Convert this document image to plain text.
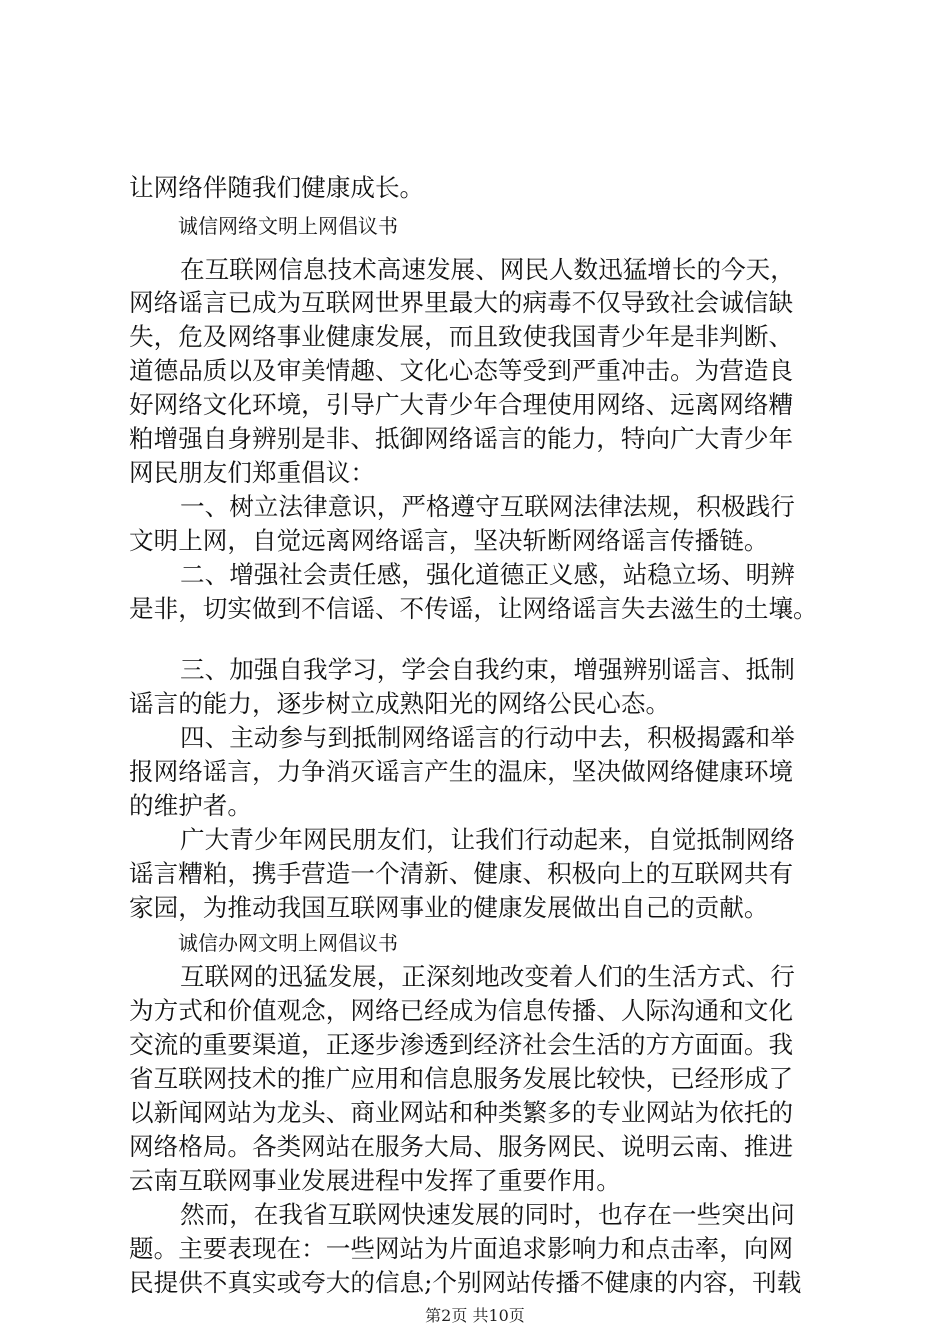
让网络伴随我们健康成长。
诚信网络文明上网倡议书
在互联网信息技术高速发展、网民人数迅猛增长的今天，
网络谣言已成为互联网世界里最大的病毒不仅导致社会诚信缺
失，危及网络事业健康发展，而且致使我国青少年是非判断、
道德品质以及审美情趣、文化心态等受到严重冲击。为营造良
好网络文化环境，引导广大青少年合理使用网络、远离网络糟
粕增强自身辨别是非、抵御网络谣言的能力，特向广大青少年
网民朋友们郑重倡议：
一、树立法律意识，严格遵守互联网法律法规，积极践行
文明上网，自觉远离网络谣言，坚决斩断网络谣言传播链。
二、增强社会责任感，强化道德正义感，站稳立场、明辨
是非，切实做到不信谣、不传谣，让网络谣言失去滋生的土壤。
三、加强自我学习，学会自我约束，增强辨别谣言、抵制
谣言的能力，逐步树立成熟阳光的网络公民心态。
四、主动参与到抵制网络谣言的行动中去，积极揭露和举
报网络谣言，力争消灭谣言产生的温床，坚决做网络健康环境
的维护者。
广大青少年网民朋友们，让我们行动起来，自觉抵制网络
谣言糟粕，携手营造一个清新、健康、积极向上的互联网共有
家园，为推动我国互联网事业的健康发展做出自己的贡献。
诚信办网文明上网倡议书
互联网的迅猛发展，正深刻地改变着人们的生活方式、行
为方式和价值观念，网络已经成为信息传播、人际沟通和文化
交流的重要渠道，正逐步渗透到经济社会生活的方方面面。我
省互联网技术的推广应用和信息服务发展比较快，已经形成了
以新闻网站为龙头、商业网站和种类繁多的专业网站为依托的
网络格局。各类网站在服务大局、服务网民、说明云南、推进
云南互联网事业发展进程中发挥了重要作用。
然而，在我省互联网快速发展的同时，也存在一些突出问
题。主要表现在：一些网站为片面追求影响力和点击率，向网
民提供不真实或夸大的信息;个别网站传播不健康的内容，刊载
第2页 共10页
